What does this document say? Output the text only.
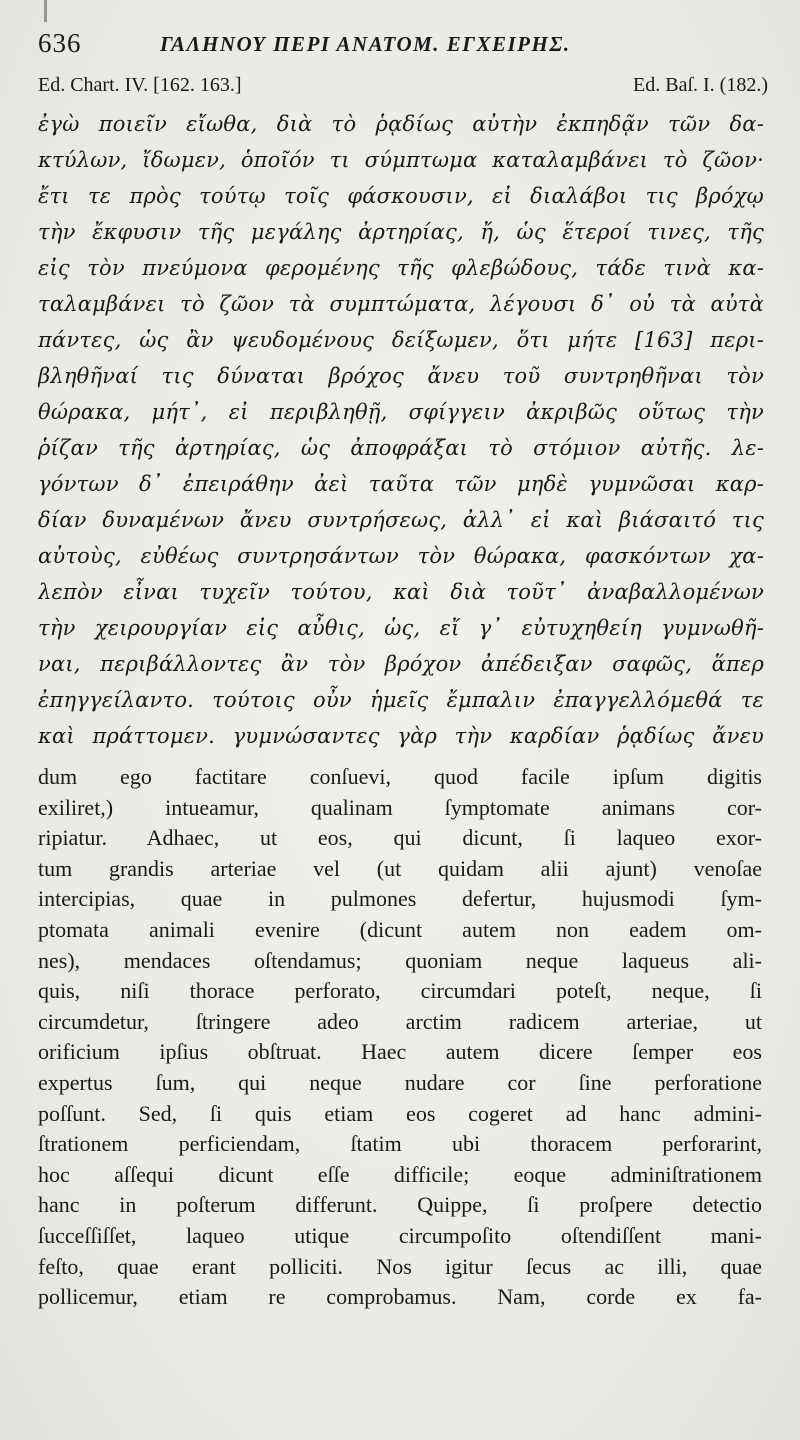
636	ΓΑΛΗΝΟΥ ΠΕΡΙ ΑΝΑΤΟΜ. ΕΓΧΕΙΡΗΣ.
Ed. Chart. IV. [162. 163.]	Ed. Baſ. I. (182.)
ἐγὼ ποιεῖν εἴωθα, διὰ τὸ ῥᾳδίως αὐτὴν ἐκπηδᾷν τῶν δα-
κτύλων, ἴδωμεν, ὁποῖόν τι σύμπτωμα καταλαμβάνει τὸ ζῶον·
ἔτι τε πρὸς τούτῳ τοῖς φάσκουσιν, εἰ διαλάβοι τις βρόχῳ
τὴν ἔκφυσιν τῆς μεγάλης ἀρτηρίας, ἤ, ὡς ἕτεροί τινες, τῆς
εἰς τὸν πνεύμονα φερομένης τῆς φλεβώδους, τάδε τινὰ κα-
ταλαμβάνει τὸ ζῶον τὰ συμπτώματα, λέγουσι δ᾽ οὐ τὰ αὐτὰ
πάντες, ὡς ἂν ψευδομένους δείξωμεν, ὅτι μήτε [163] περι-
βληθῆναί τις δύναται βρόχος ἄνευ τοῦ συντρηθῆναι τὸν
θώρακα, μήτ᾽, εἰ περιβληθῇ, σφίγγειν ἀκριβῶς οὕτως τὴν
ῥίζαν τῆς ἀρτηρίας, ὡς ἀποφράξαι τὸ στόμιον αὐτῆς. λε-
γόντων δ᾽ ἐπειράθην ἀεὶ ταῦτα τῶν μηδὲ γυμνῶσαι καρ-
δίαν δυναμένων ἄνευ συντρήσεως, ἀλλ᾽ εἰ καὶ βιάσαιτό τις
αὐτοὺς, εὐθέως συντρησάντων τὸν θώρακα, φασκόντων χα-
λεπὸν εἶναι τυχεῖν τούτου, καὶ διὰ τοῦτ᾽ ἀναβαλλομένων
τὴν χειρουργίαν εἰς αὖθις, ὡς, εἴ γ᾽ εὐτυχηθείη γυμνωθῆ-
ναι, περιβάλλοντες ἂν τὸν βρόχον ἀπέδειξαν σαφῶς, ἅπερ
ἐπηγγείλαντο. τούτοις οὖν ἡμεῖς ἔμπαλιν ἐπαγγελλόμεθά τε
καὶ πράττομεν. γυμνώσαντες γὰρ τὴν καρδίαν ῥᾳδίως ἄνευ
dum ego factitare conſuevi, quod facile ipſum digitis
exiliret,) intueamur, qualinam ſymptomate animans cor-
ripiatur. Adhaec, ut eos, qui dicunt, ſi laqueo exor-
tum grandis arteriae vel (ut quidam alii ajunt) venoſae
intercipias, quae in pulmones defertur, hujusmodi ſym-
ptomata animali evenire (dicunt autem non eadem om-
nes), mendaces oſtendamus; quoniam neque laqueus ali-
quis, niſi thorace perforato, circumdari poteſt, neque, ſi
circumdetur, ſtringere adeo arctim radicem arteriae, ut
orificium ipſius obſtruat. Haec autem dicere ſemper eos
expertus ſum, qui neque nudare cor ſine perforatione
poſſunt. Sed, ſi quis etiam eos cogeret ad hanc admini-
ſtrationem perficiendam, ſtatim ubi thoracem perforarint,
hoc aſſequi dicunt eſſe difficile; eoque adminiſtrationem
hanc in poſterum differunt. Quippe, ſi proſpere detectio
ſucceſſiſſet, laqueo utique circumpoſito oſtendiſſent mani-
feſto, quae erant polliciti. Nos igitur ſecus ac illi, quae
pollicemur, etiam re comprobamus. Nam, corde ex fa-
